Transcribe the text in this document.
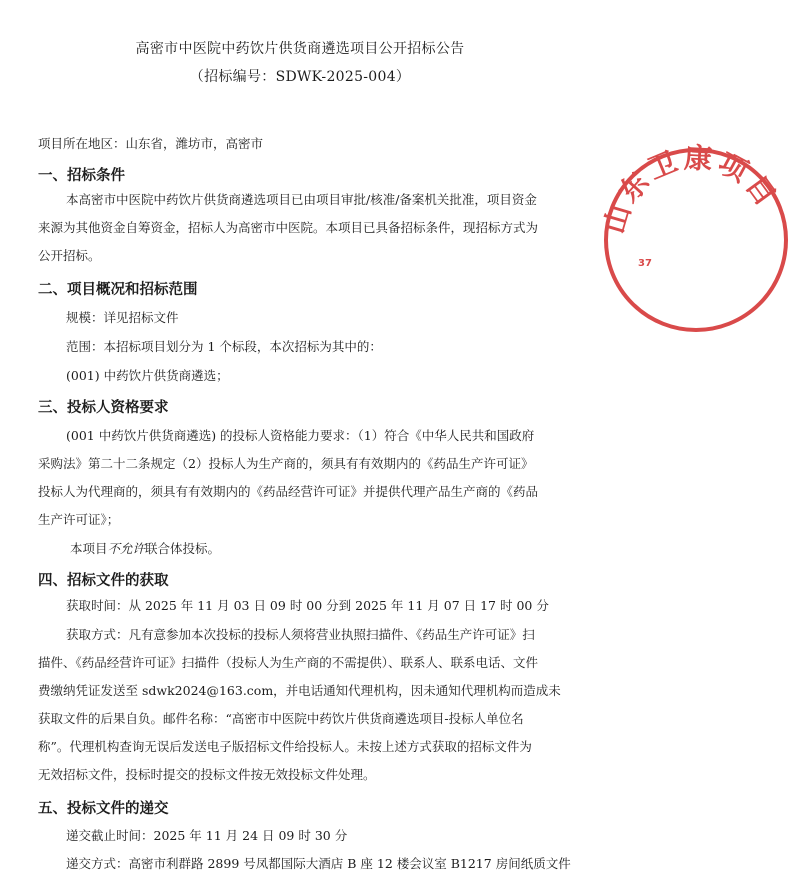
高密市中医院中药饮片供货商遴选项目公开招标公告
（招标编号：SDWK-2025-004）
项目所在地区：山东省，潍坊市，高密市
一、招标条件
本高密市中医院中药饮片供货商遴选项目已由项目审批/核准/备案机关批准，项目资金
来源为其他资金自筹资金，招标人为高密市中医院。本项目已具备招标条件，现招标方式为
公开招标。
二、项目概况和招标范围
规模：详见招标文件
范围：本招标项目划分为 1 个标段，本次招标为其中的：
(001) 中药饮片供货商遴选；
三、投标人资格要求
(001 中药饮片供货商遴选) 的投标人资格能力要求：（1）符合《中华人民共和国政府
采购法》第二十二条规定（2）投标人为生产商的，须具有有效期内的《药品生产许可证》
投标人为代理商的，须具有有效期内的《药品经营许可证》并提供代理产品生产商的《药品
生产许可证》；
本项目不允许联合体投标。
四、招标文件的获取
获取时间：从 2025 年 11 月 03 日 09 时 00 分到 2025 年 11 月 07 日 17 时 00 分
获取方式：凡有意参加本次投标的投标人须将营业执照扫描件、《药品生产许可证》扫
描件、《药品经营许可证》扫描件（投标人为生产商的不需提供）、联系人、联系电话、文件
费缴纳凭证发送至 sdwk2024@163.com，并电话通知代理机构，因未通知代理机构而造成未
获取文件的后果自负。邮件名称：“高密市中医院中药饮片供货商遴选项目-投标人单位名
称”。代理机构查询无误后发送电子版招标文件给投标人。未按上述方式获取的招标文件为
无效招标文件，投标时提交的投标文件按无效投标文件处理。
五、投标文件的递交
递交截止时间：2025 年 11 月 24 日 09 时 30 分
递交方式：高密市利群路 2899 号凤都国际大酒店 B 座 12 楼会议室 B1217 房间纸质文件
山东卫康项目
37
